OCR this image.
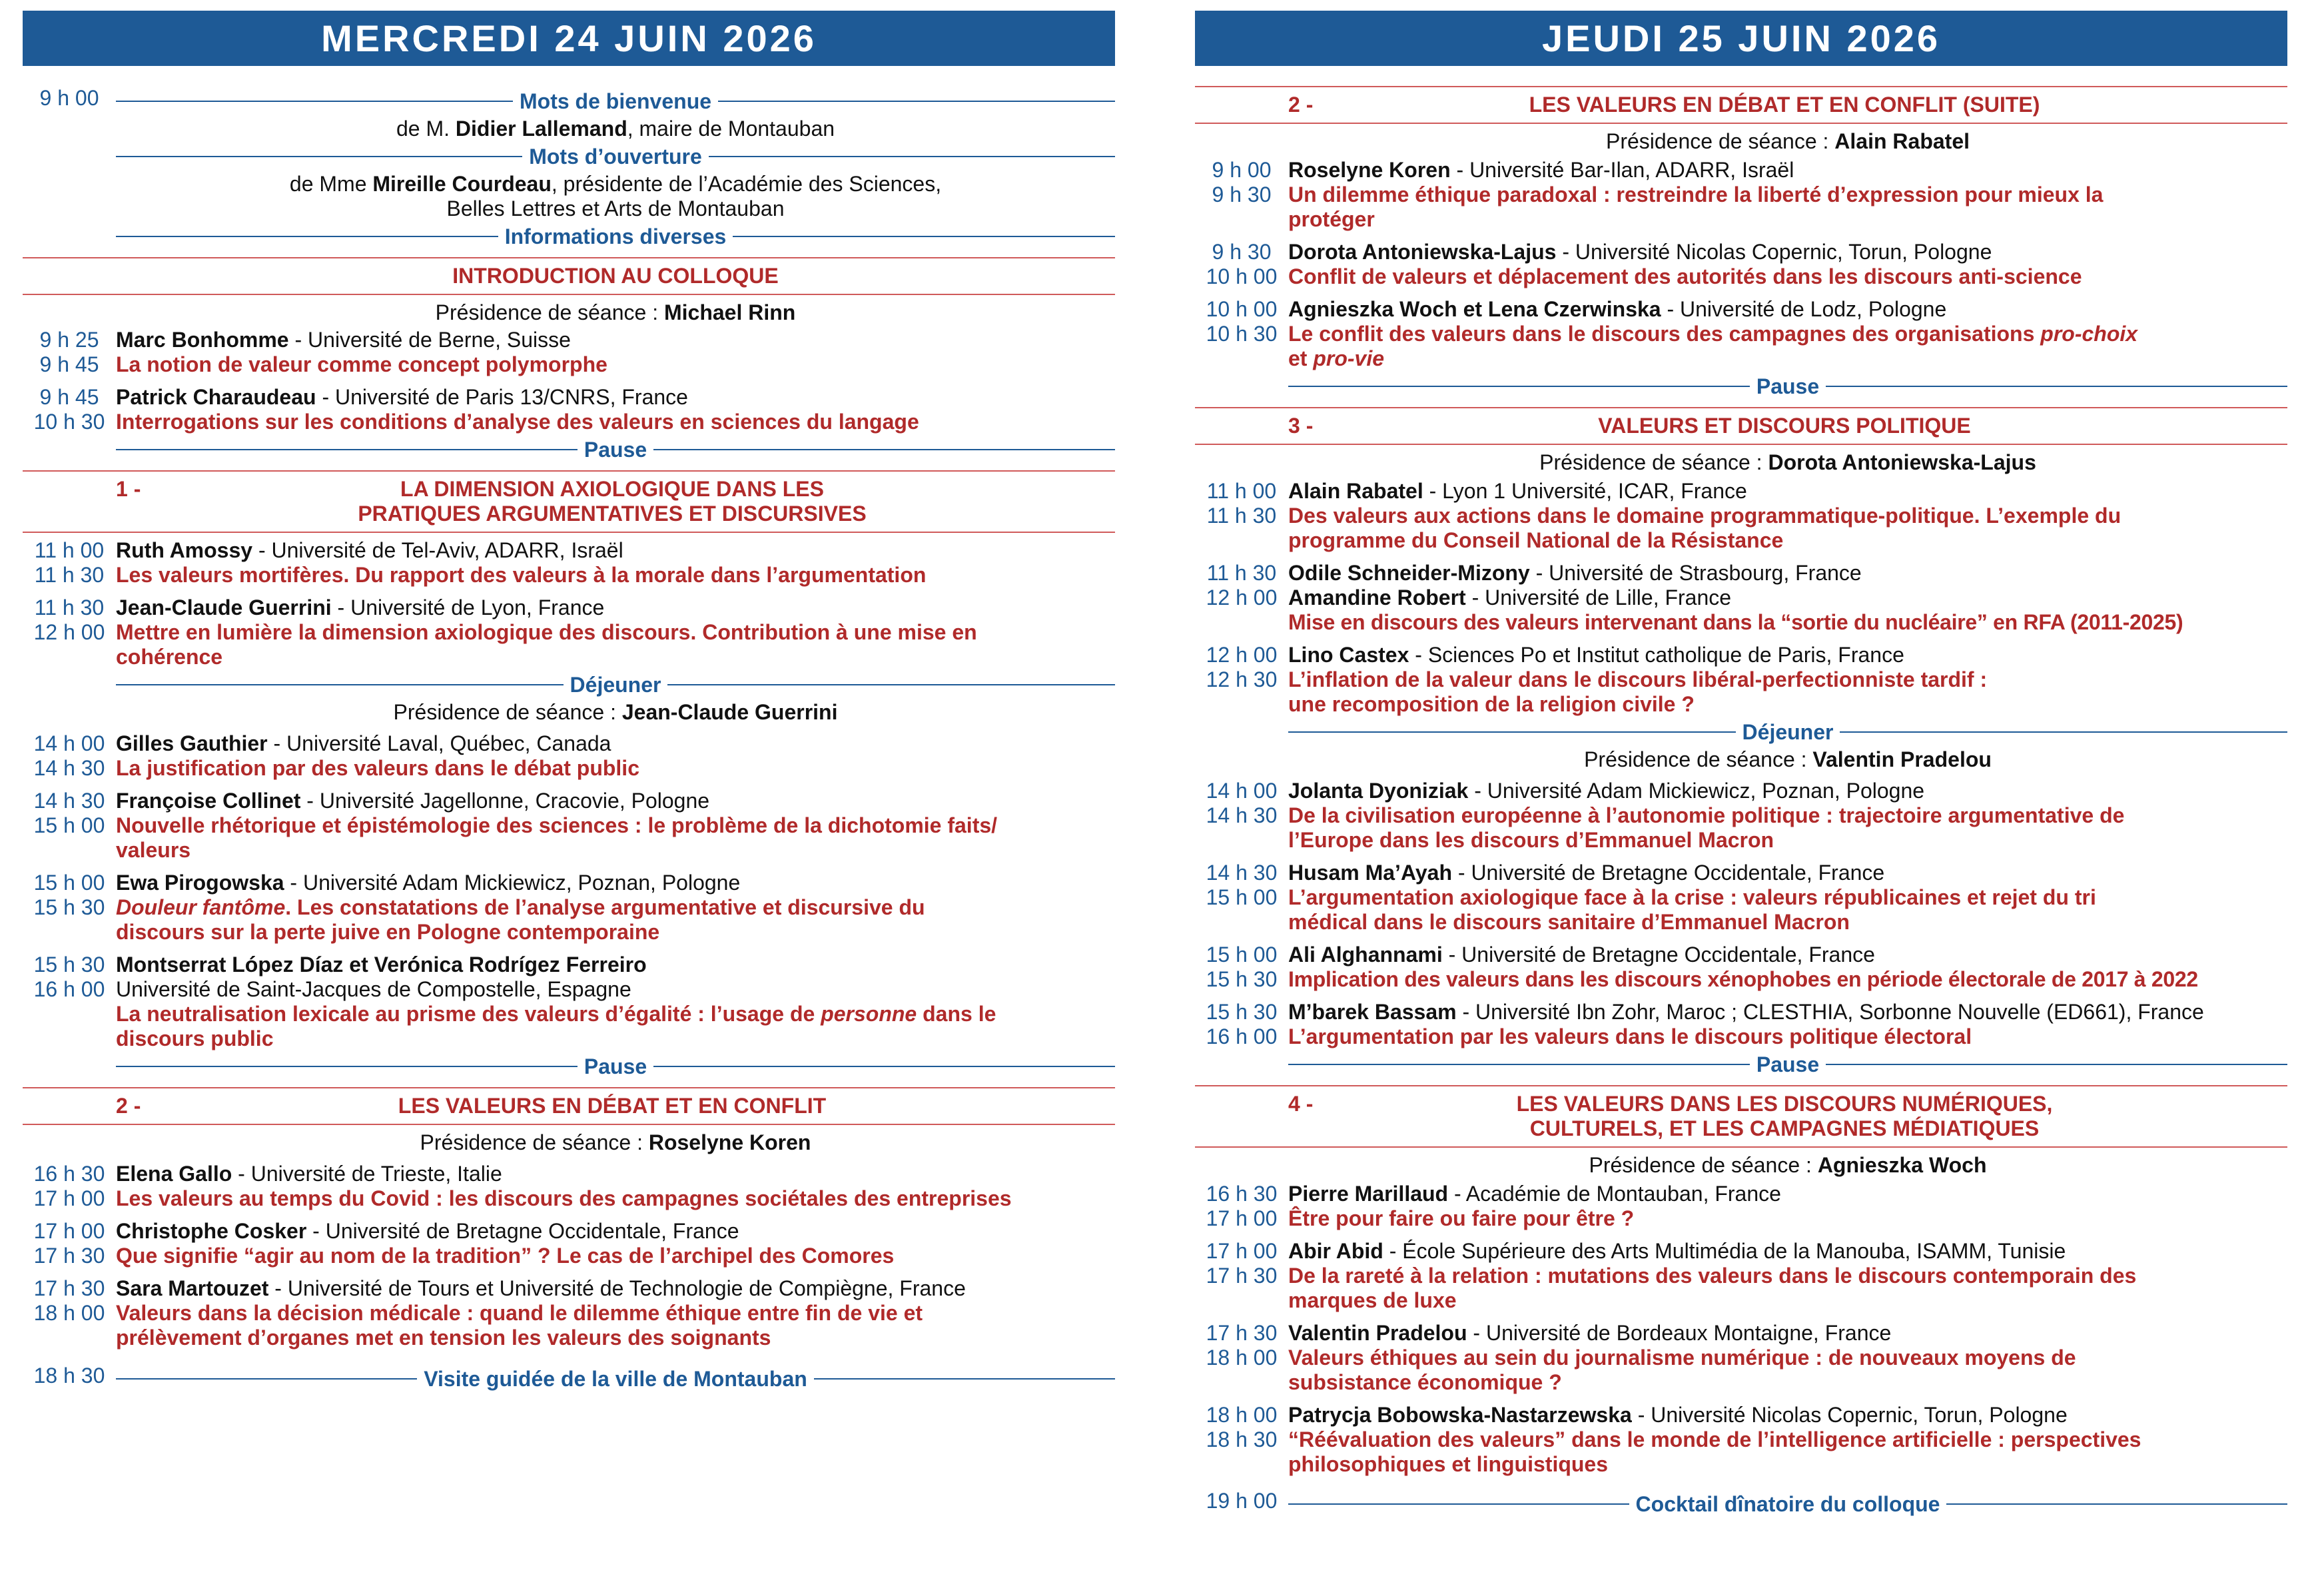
MERCREDI 24 JUIN 2026
9 h 00	Mots de bienvenue
de M. Didier Lallemand, maire de Montauban
Mots d’ouverture
de Mme Mireille Courdeau, présidente de l’Académie des Sciences,
Belles Lettres et Arts de Montauban
Informations diverses
INTRODUCTION AU COLLOQUE
Présidence de séance : Michael Rinn
9 h 25 Marc Bonhomme - Université de Berne, Suisse
9 h 45 La notion de valeur comme concept polymorphe
9 h 45 Patrick Charaudeau - Université de Paris 13/CNRS, France
10 h 30 Interrogations sur les conditions d’analyse des valeurs en sciences du langage
Pause
1 -	LA DIMENSION AXIOLOGIQUE DANS LES
PRATIQUES ARGUMENTATIVES ET DISCURSIVES
11 h 00 Ruth Amossy - Université de Tel-Aviv, ADARR, Israël
11 h 30 Les valeurs mortifères. Du rapport des valeurs à la morale dans l’argumentation
11 h 30 Jean-Claude Guerrini - Université de Lyon, France
12 h 00 Mettre en lumière la dimension axiologique des discours. Contribution à une mise en
cohérence
Déjeuner
Présidence de séance : Jean-Claude Guerrini
14 h 00 Gilles Gauthier - Université Laval, Québec, Canada
14 h 30 La justification par des valeurs dans le débat public
14 h 30 Françoise Collinet - Université Jagellonne, Cracovie, Pologne
15 h 00 Nouvelle rhétorique et épistémologie des sciences : le problème de la dichotomie faits/
valeurs
15 h 00 Ewa Pirogowska - Université Adam Mickiewicz, Poznan, Pologne
15 h 30 Douleur fantôme. Les constatations de l’analyse argumentative et discursive du
discours sur la perte juive en Pologne contemporaine
15 h 30 Montserrat López Díaz et Verónica Rodrígez Ferreiro
16 h 00 Université de Saint-Jacques de Compostelle, Espagne
La neutralisation lexicale au prisme des valeurs d’égalité : l’usage de personne dans le
discours public
Pause
2 -	LES VALEURS EN DÉBAT ET EN CONFLIT
Présidence de séance : Roselyne Koren
16 h 30 Elena Gallo - Université de Trieste, Italie
17 h 00 Les valeurs au temps du Covid : les discours des campagnes sociétales des entreprises
17 h 00 Christophe Cosker - Université de Bretagne Occidentale, France
17 h 30 Que signifie “agir au nom de la tradition” ? Le cas de l’archipel des Comores
17 h 30 Sara Martouzet - Université de Tours et Université de Technologie de Compiègne, France
18 h 00 Valeurs dans la décision médicale : quand le dilemme éthique entre fin de vie et
prélèvement d’organes met en tension les valeurs des soignants
18 h 30	Visite guidée de la ville de Montauban
JEUDI 25 JUIN 2026
2 -	LES VALEURS EN DÉBAT ET EN CONFLIT (SUITE)
Présidence de séance : Alain Rabatel
9 h 00 Roselyne Koren - Université Bar-Ilan, ADARR, Israël
9 h 30 Un dilemme éthique paradoxal : restreindre la liberté d’expression pour mieux la
protéger
9 h 30 Dorota Antoniewska-Lajus - Université Nicolas Copernic, Torun, Pologne
10 h 00 Conflit de valeurs et déplacement des autorités dans les discours anti-science
10 h 00 Agnieszka Woch et Lena Czerwinska - Université de Lodz, Pologne
10 h 30 Le conflit des valeurs dans le discours des campagnes des organisations pro-choix
et pro-vie
Pause
3 -	VALEURS ET DISCOURS POLITIQUE
Présidence de séance : Dorota Antoniewska-Lajus
11 h 00 Alain Rabatel - Lyon 1 Université, ICAR, France
11 h 30 Des valeurs aux actions dans le domaine programmatique-politique. L’exemple du
programme du Conseil National de la Résistance
11 h 30 Odile Schneider-Mizony - Université de Strasbourg, France
12 h 00 Amandine Robert - Université de Lille, France
Mise en discours des valeurs intervenant dans la “sortie du nucléaire” en RFA (2011-2025)
12 h 00 Lino Castex - Sciences Po et Institut catholique de Paris, France
12 h 30 L’inflation de la valeur dans le discours libéral-perfectionniste tardif :
une recomposition de la religion civile ?
Déjeuner
Présidence de séance : Valentin Pradelou
14 h 00 Jolanta Dyoniziak - Université Adam Mickiewicz, Poznan, Pologne
14 h 30 De la civilisation européenne à l’autonomie politique : trajectoire argumentative de
l’Europe dans les discours d’Emmanuel Macron
14 h 30 Husam Ma’Ayah - Université de Bretagne Occidentale, France
15 h 00 L’argumentation axiologique face à la crise : valeurs républicaines et rejet du tri
médical dans le discours sanitaire d’Emmanuel Macron
15 h 00 Ali Alghannami - Université de Bretagne Occidentale, France
15 h 30 Implication des valeurs dans les discours xénophobes en période électorale de 2017 à 2022
15 h 30 M’barek Bassam - Université Ibn Zohr, Maroc ; CLESTHIA, Sorbonne Nouvelle (ED661), France
16 h 00 L’argumentation par les valeurs dans le discours politique électoral
Pause
4 -	LES VALEURS DANS LES DISCOURS NUMÉRIQUES,
CULTURELS, ET LES CAMPAGNES MÉDIATIQUES
Présidence de séance : Agnieszka Woch
16 h 30 Pierre Marillaud - Académie de Montauban, France
17 h 00 Être pour faire ou faire pour être ?
17 h 00 Abir Abid - École Supérieure des Arts Multimédia de la Manouba, ISAMM, Tunisie
17 h 30 De la rareté à la relation : mutations des valeurs dans le discours contemporain des
marques de luxe
17 h 30 Valentin Pradelou - Université de Bordeaux Montaigne, France
18 h 00 Valeurs éthiques au sein du journalisme numérique : de nouveaux moyens de
subsistance économique ?
18 h 00 Patrycja Bobowska-Nastarzewska - Université Nicolas Copernic, Torun, Pologne
18 h 30 “Réévaluation des valeurs” dans le monde de l’intelligence artificielle : perspectives
philosophiques et linguistiques
19 h 00	Cocktail dînatoire du colloque
